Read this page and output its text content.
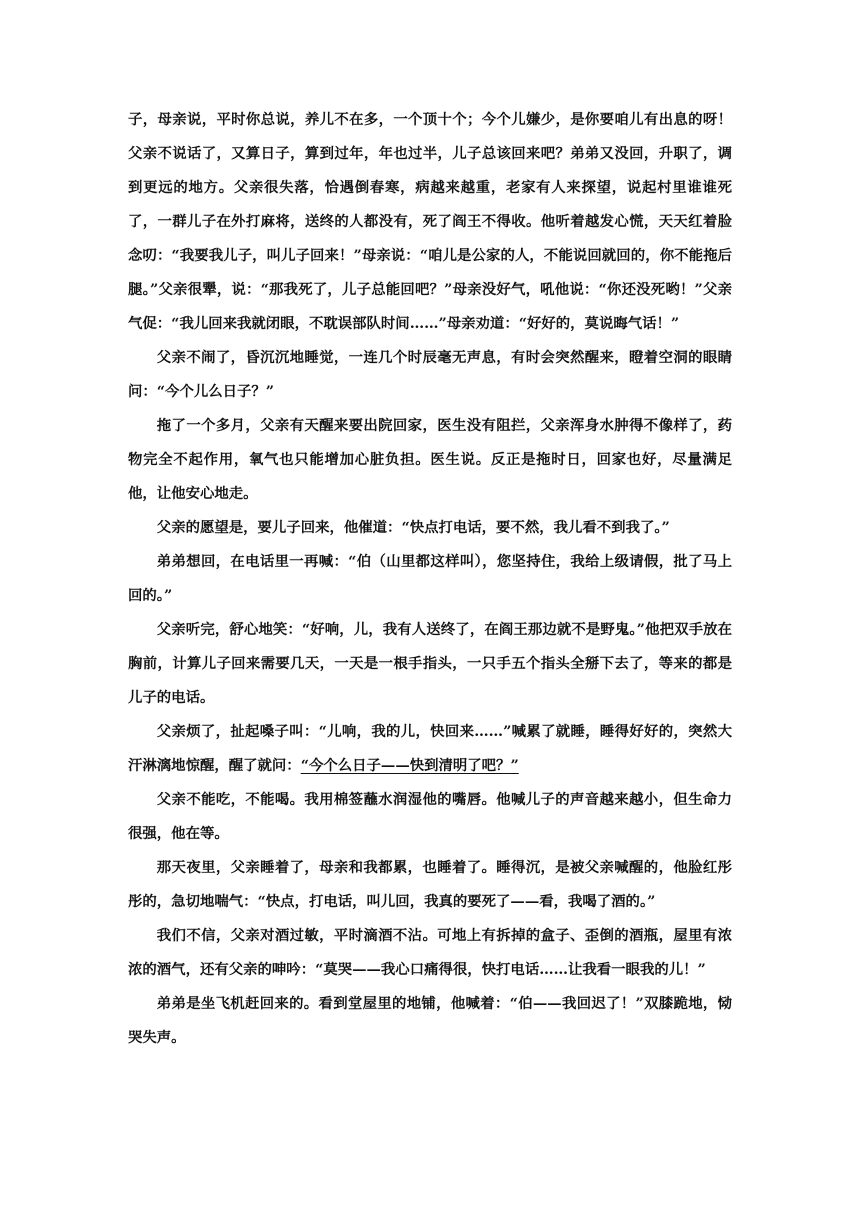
子，母亲说，平时你总说，养儿不在多，一个顶十个；今个儿嫌少，是你要咱儿有出息的呀！父亲不说话了，又算日子，算到过年，年也过半，儿子总该回来吧？弟弟又没回，升职了，调到更远的地方。父亲很失落，恰遇倒春寒，病越来越重，老家有人来探望，说起村里谁谁死了，一群儿子在外打麻将，送终的人都没有，死了阎王不得收。他听着越发心慌，天天红着脸念叨：“我要我儿子，叫儿子回来！”母亲说：“咱儿是公家的人，不能说回就回的，你不能拖后腿。”父亲很犟，说：“那我死了，儿子总能回吧？”母亲没好气，吼他说：“你还没死哟！”父亲气促：“我儿回来我就闭眼，不耽误部队时间……”母亲劝道：“好好的，莫说晦气话！”

父亲不闹了，昏沉沉地睡觉，一连几个时辰毫无声息，有时会突然醒来，瞪着空洞的眼睛问：“今个儿么日子？”

拖了一个多月，父亲有天醒来要出院回家，医生没有阻拦，父亲浑身水肿得不像样了，药物完全不起作用，氧气也只能增加心脏负担。医生说。反正是拖时日，回家也好，尽量满足他，让他安心地走。

父亲的愿望是，要儿子回来，他催道：“快点打电话，要不然，我儿看不到我了。”

弟弟想回，在电话里一再喊：“伯（山里都这样叫），您坚持住，我给上级请假，批了马上回的。”

父亲听完，舒心地笑：“好响，儿，我有人送终了，在阎王那边就不是野鬼。”他把双手放在胸前，计算儿子回来需要几天，一天是一根手指头，一只手五个指头全掰下去了，等来的都是儿子的电话。

父亲烦了，扯起嗓子叫：“儿响，我的儿，快回来……”喊累了就睡，睡得好好的，突然大汗淋漓地惊醒，醒了就问：“今个么日子——快到清明了吧？”

父亲不能吃，不能喝。我用棉签蘸水润湿他的嘴唇。他喊儿子的声音越来越小，但生命力很强，他在等。

那天夜里，父亲睡着了，母亲和我都累，也睡着了。睡得沉，是被父亲喊醒的，他脸红彤彤的，急切地喘气：“快点，打电话，叫儿回，我真的要死了——看，我喝了酒的。”

我们不信，父亲对酒过敏，平时滴酒不沾。可地上有拆掉的盒子、歪倒的酒瓶，屋里有浓浓的酒气，还有父亲的呻吟：“莫哭——我心口痛得很，快打电话……让我看一眼我的儿！”

弟弟是坐飞机赶回来的。看到堂屋里的地铺，他喊着：“伯——我回迟了！”双膝跪地，恸哭失声。
